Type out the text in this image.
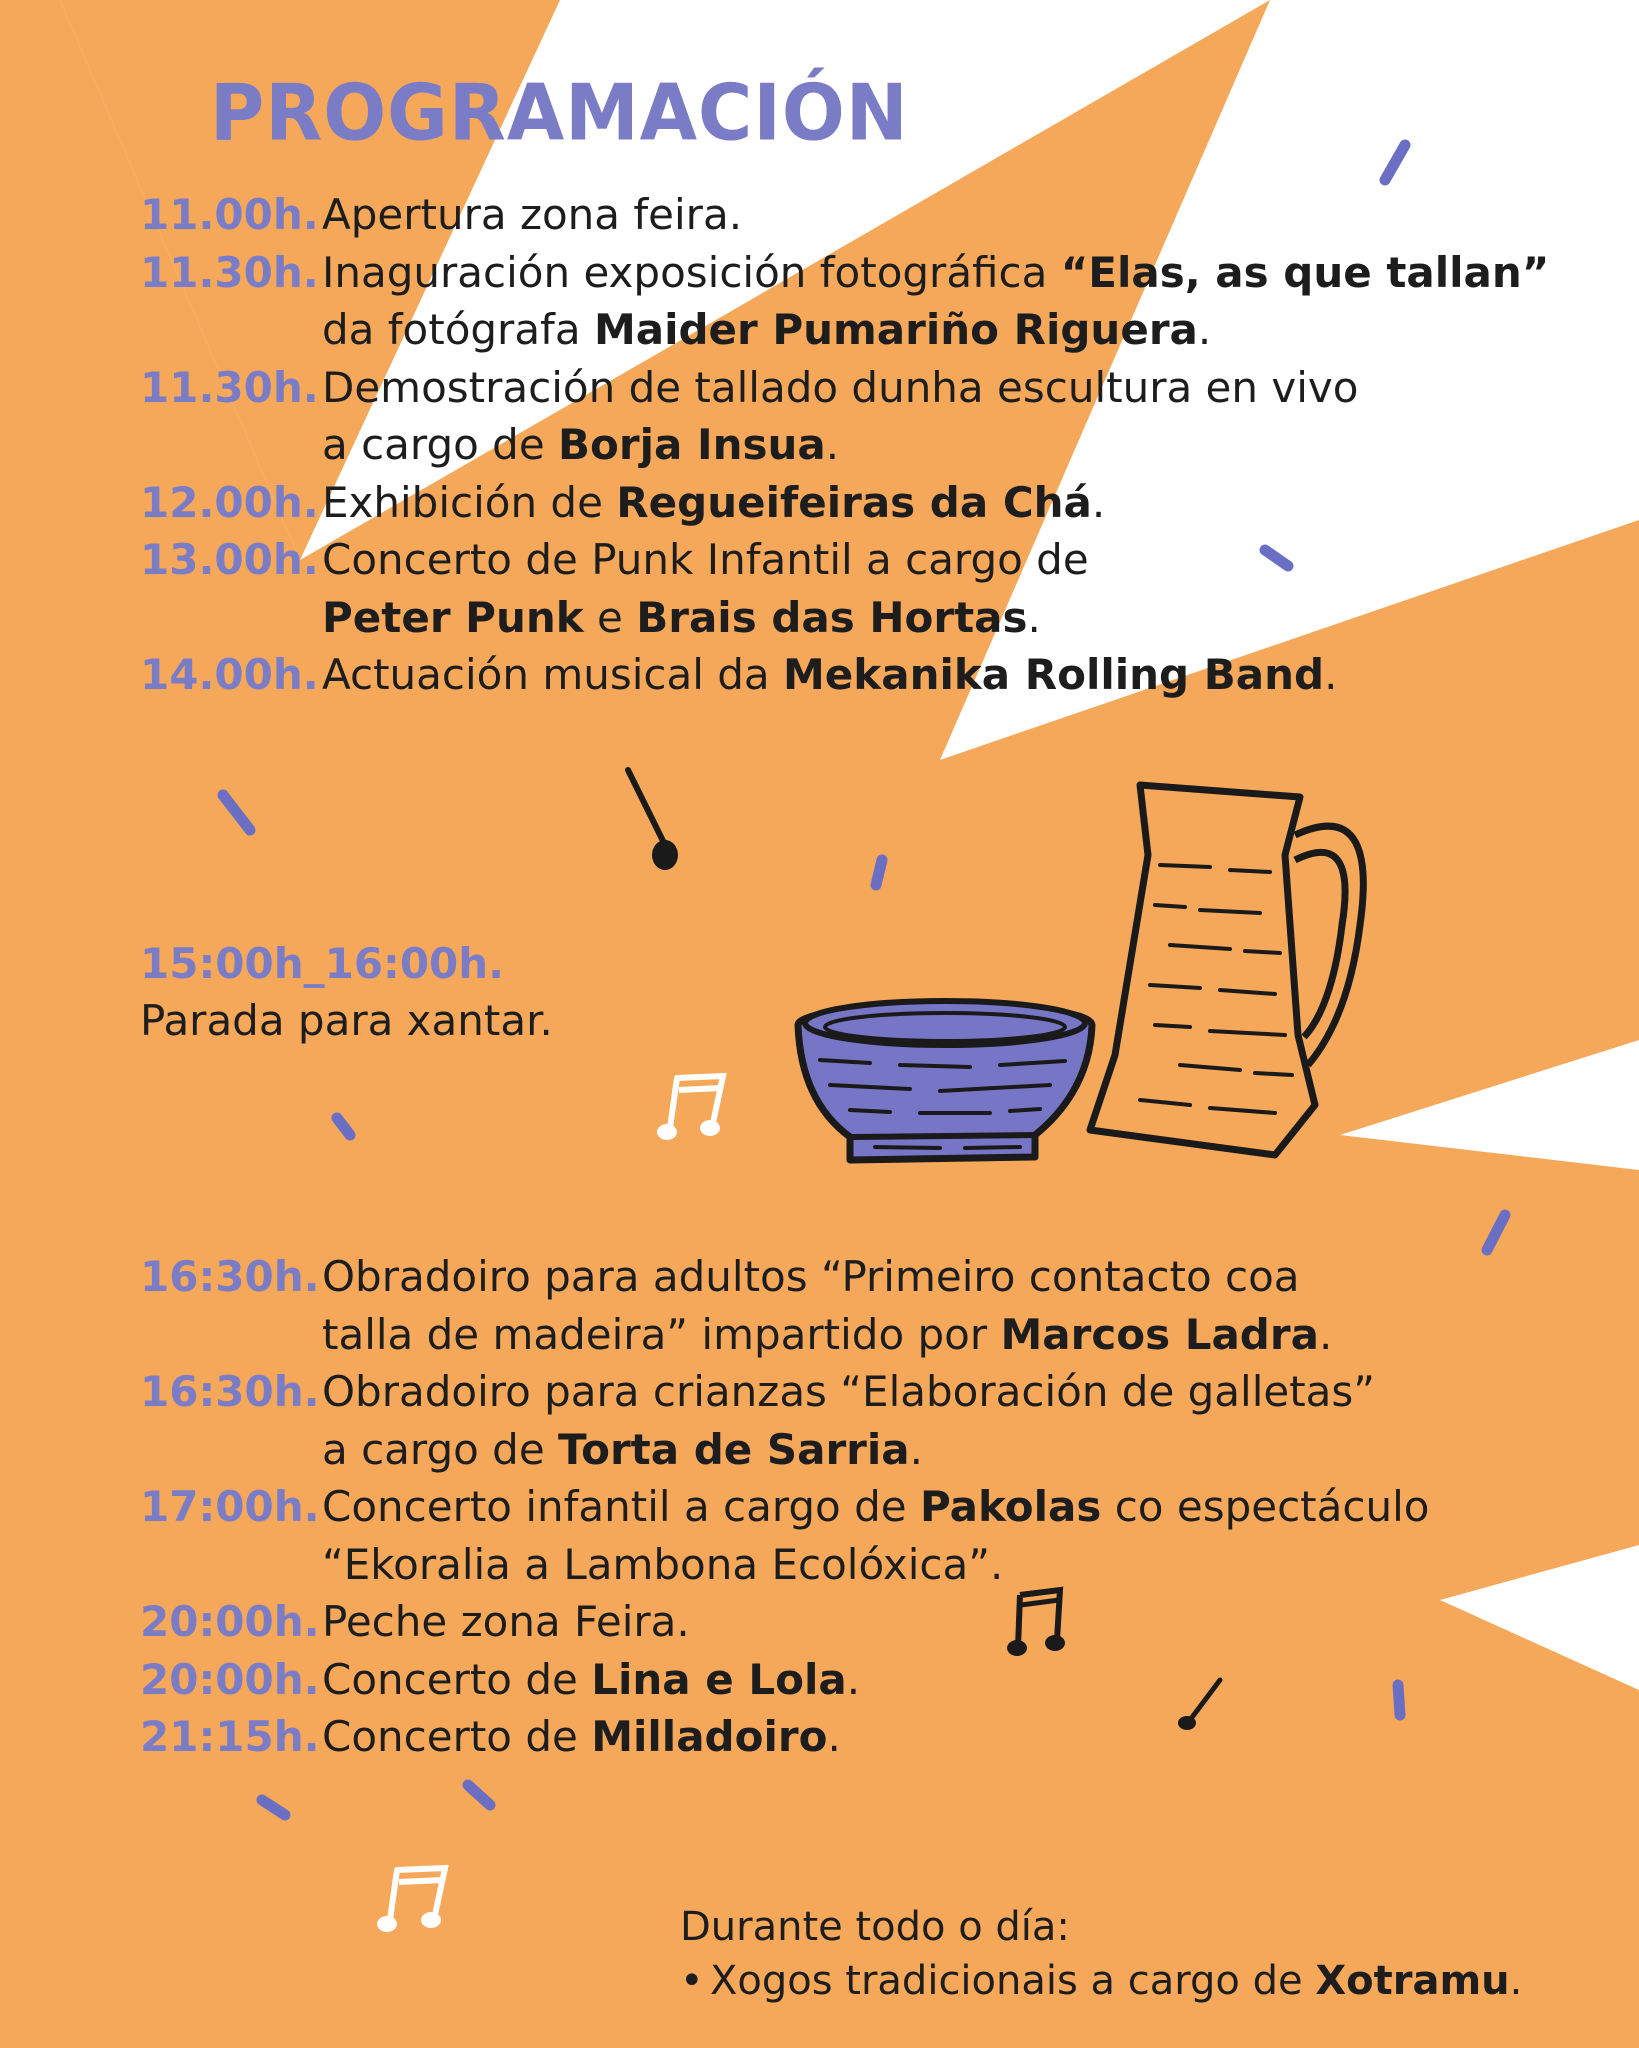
PROGRAMACIÓN
11.00h. Apertura zona feira.
11.30h. Inaguración exposición fotográfica “Elas, as que tallan”
da fotógrafa Maider Pumariño Riguera.
11.30h. Demostración de tallado dunha escultura en vivo
a cargo de Borja Insua.
12.00h. Exhibición de Regueifeiras da Chá.
13.00h. Concerto de Punk Infantil a cargo de
Peter Punk e Brais das Hortas.
14.00h. Actuación musical da Mekanika Rolling Band.
15:00h_16:00h.
Parada para xantar.
16:30h. Obradoiro para adultos “Primeiro contacto coa
talla de madeira” impartido por Marcos Ladra.
16:30h. Obradoiro para crianzas “Elaboración de galletas”
a cargo de Torta de Sarria.
17:00h. Concerto infantil a cargo de Pakolas co espectáculo
“Ekoralia a Lambona Ecolóxica”.
20:00h. Peche zona Feira.
20:00h. Concerto de Lina e Lola.
21:15h. Concerto de Milladoiro.
Durante todo o día:
• Xogos tradicionais a cargo de Xotramu.
